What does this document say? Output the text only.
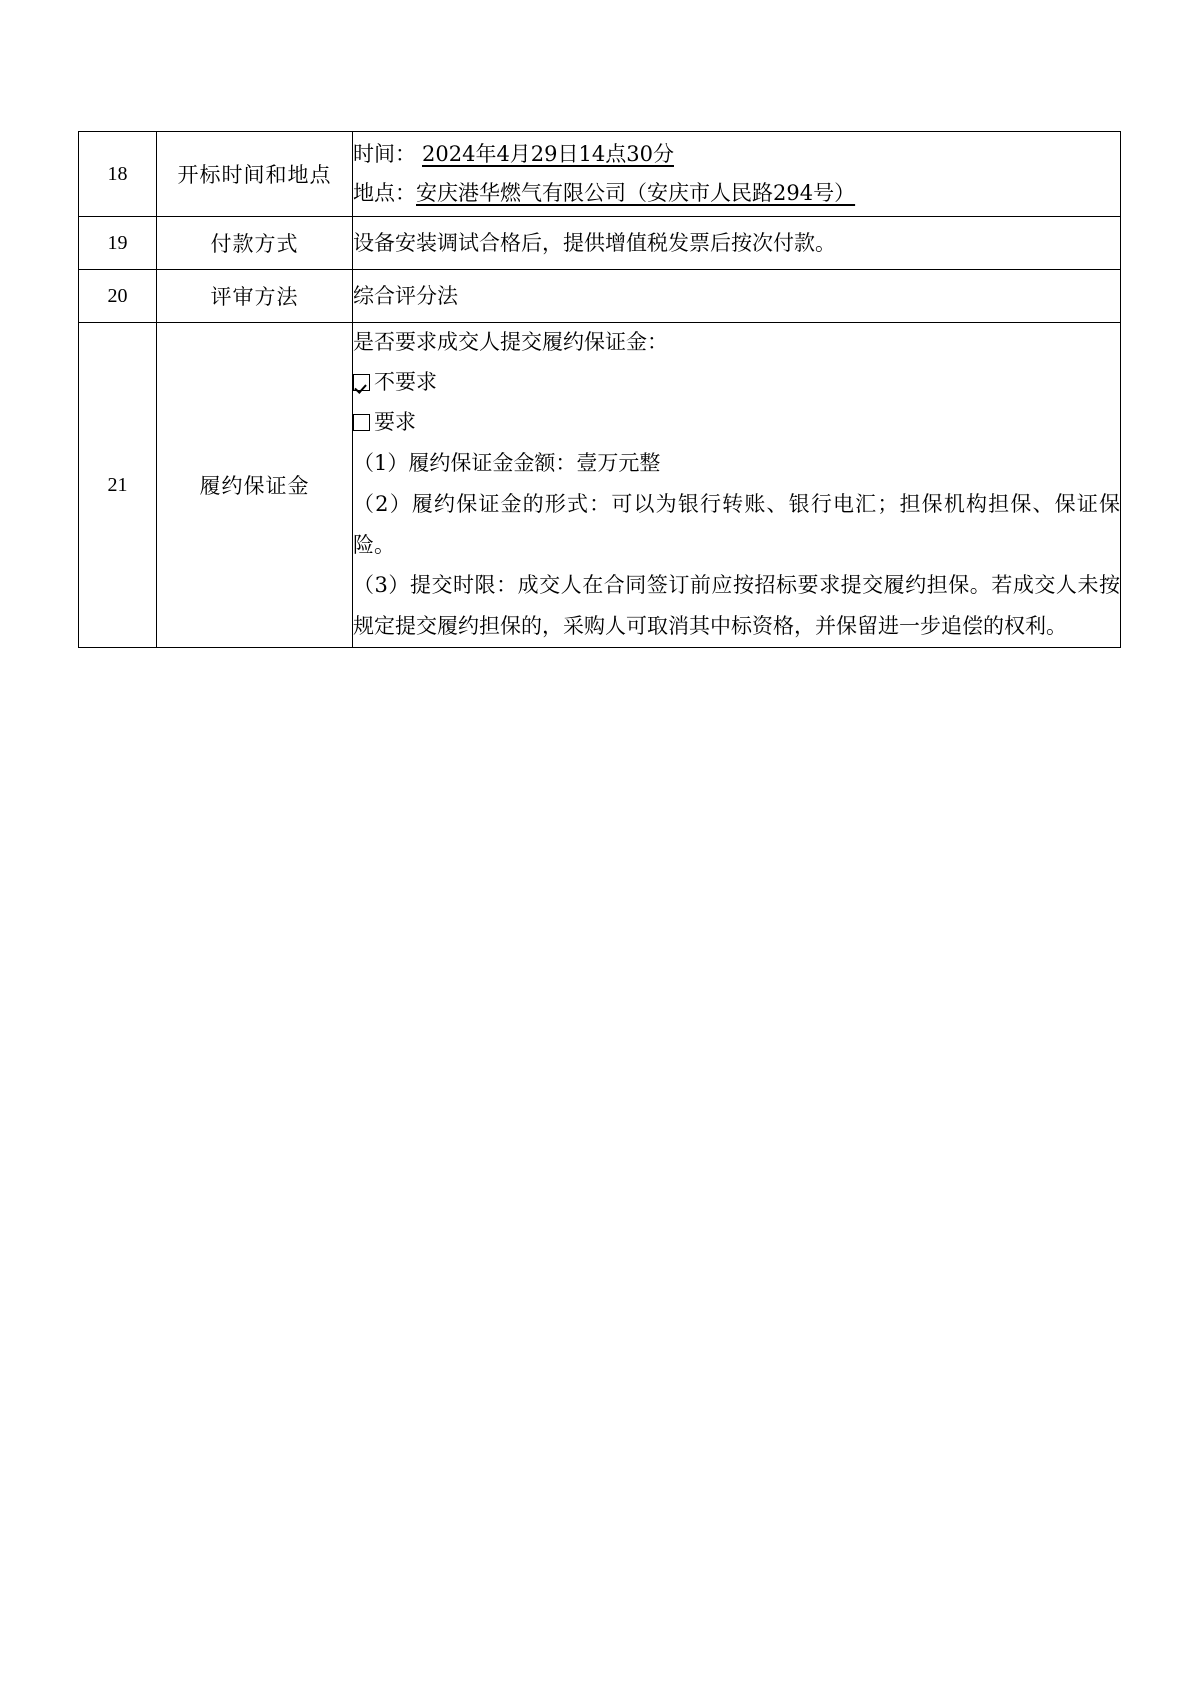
18	开标时间和地点	时间： 2024年4月29日14点30分
地点：安庆港华燃气有限公司（安庆市人民路294号）

19	付款方式	设备安装调试合格后，提供增值税发票后按次付款。
20	评审方法	综合评分法
21	履约保证金	
是否要求成交人提交履约保证金：
不要求
要求
（1）履约保证金金额：壹万元整
（2）履约保证金的形式：可以为银行转账、银行电汇；担保机构担保、保证保险。
（3）提交时限：成交人在合同签订前应按招标要求提交履约担保。若成交人未按规定提交履约担保的，采购人可取消其中标资格，并保留进一步追偿的权利。
